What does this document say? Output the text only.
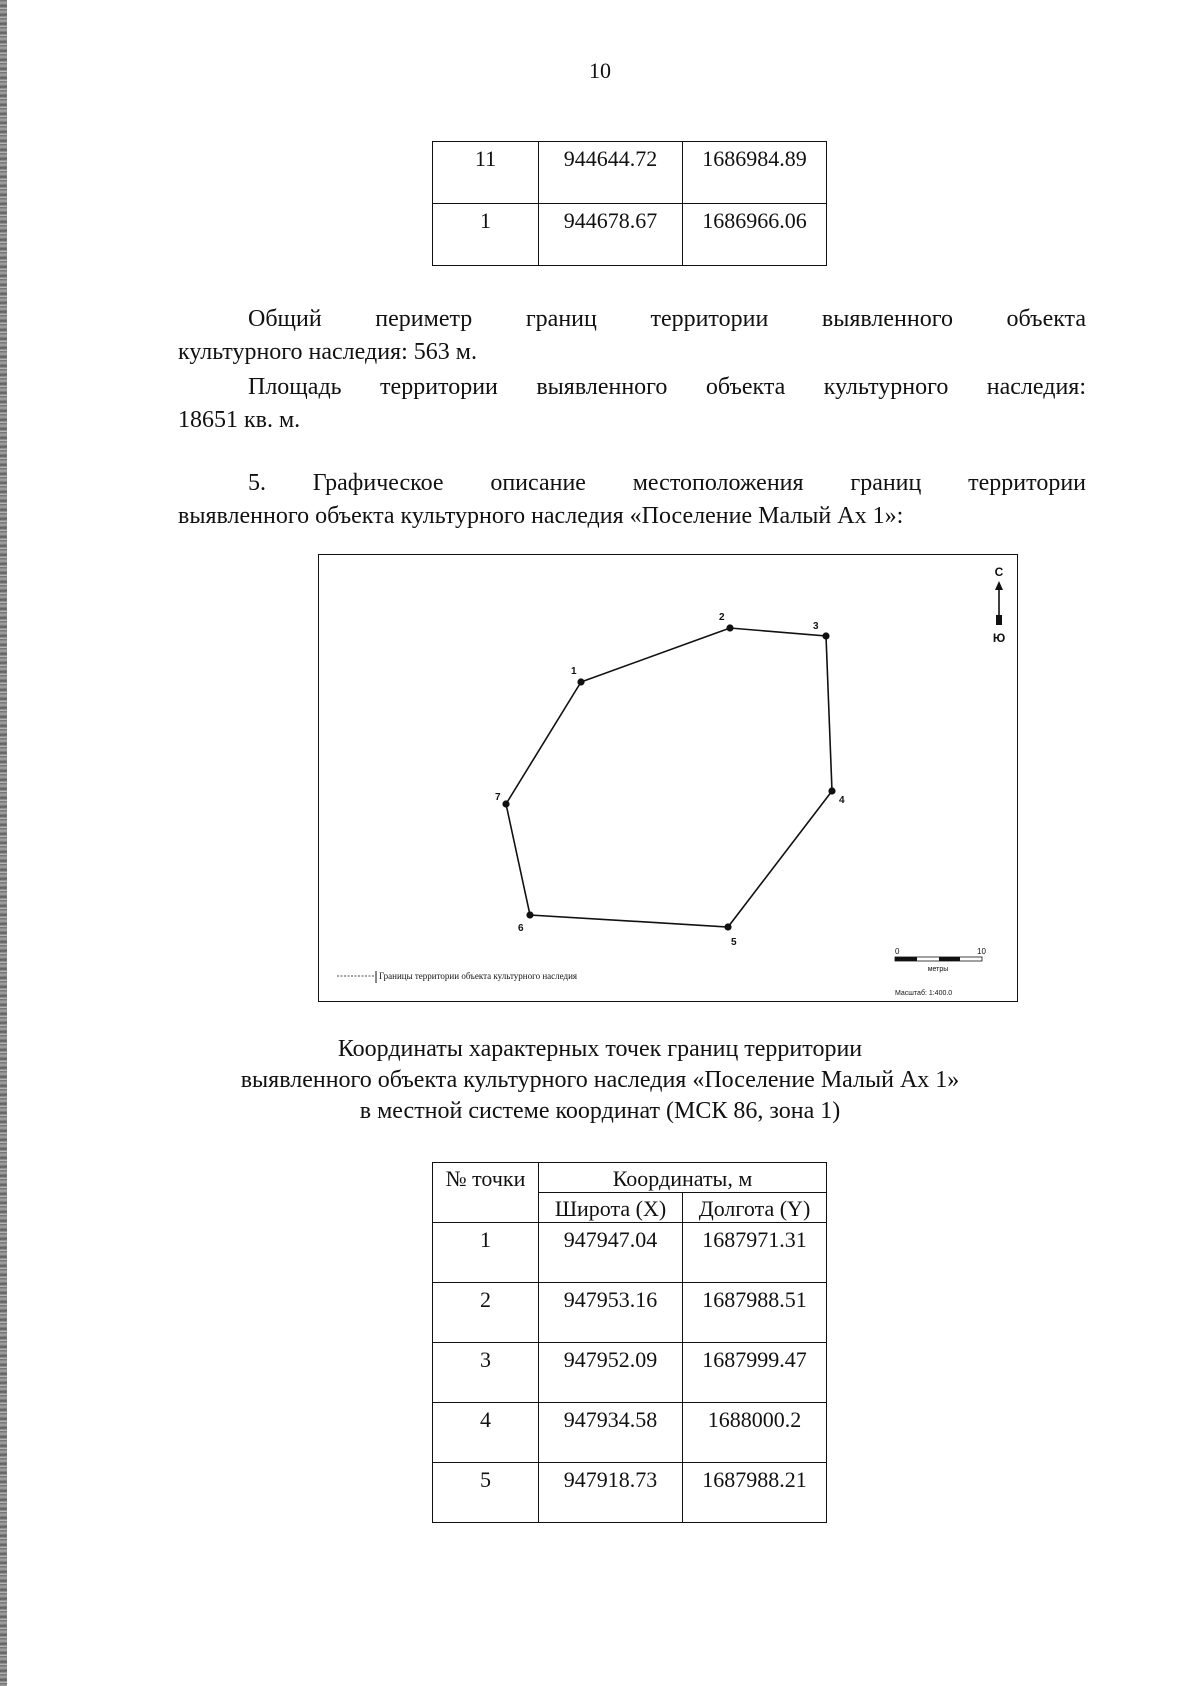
10
11	944644.72	1686984.89
1	944678.67	1686966.06
Общий периметр границ территории выявленного объекта
культурного наследия: 563 м.
Площадь территории выявленного объекта культурного наследия:
18651 кв. м.
5. Графическое описание местоположения границ территории
выявленного объекта культурного наследия «Поселение Малый Ах 1»:
1
2
3
4
5
6
7
С
Ю
Границы территории объекта культурного наследия
0	10
метры
Масштаб: 1:400.0
Координаты характерных точек границ территории
выявленного объекта культурного наследия «Поселение Малый Ах 1»
в местной системе координат (МСК 86, зона 1)
№ точки	Координаты, м	
	Широта (X)	Долгота (Y)
1	947947.04	1687971.31
2	947953.16	1687988.51
3	947952.09	1687999.47
4	947934.58	1688000.2
5	947918.73	1687988.21
